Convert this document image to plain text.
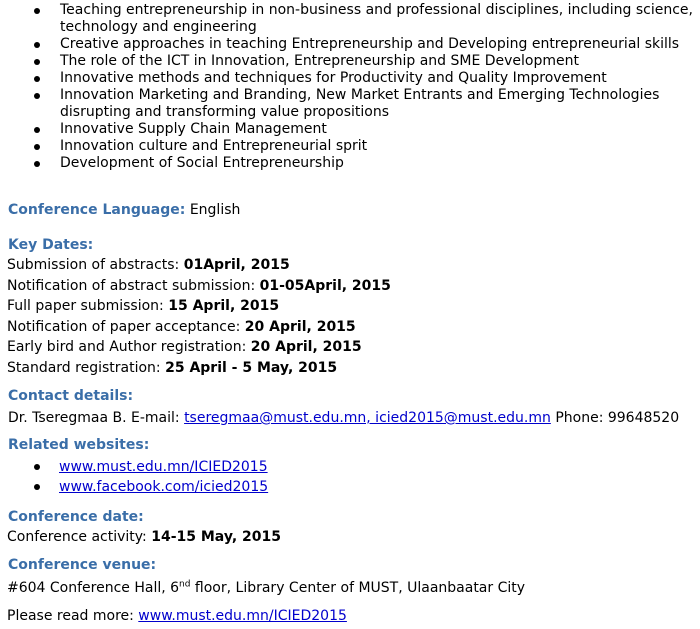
Teaching entrepreneurship in non-business and professional disciplines, including science, technology and engineering
Creative approaches in teaching Entrepreneurship and Developing entrepreneurial skills
The role of the ICT in Innovation, Entrepreneurship and SME Development
Innovative methods and techniques for Productivity and Quality Improvement
Innovation Marketing and Branding, New Market Entrants and Emerging Technologies disrupting and transforming value propositions
Innovative Supply Chain Management
Innovation culture and Entrepreneurial sprit
Development of Social Entrepreneurship
Conference Language: English
Key Dates:
Submission of abstracts: 01April, 2015
Notification of abstract submission: 01-05April, 2015
Full paper submission: 15 April, 2015
Notification of paper acceptance: 20 April, 2015
Early bird and Author registration: 20 April, 2015
Standard registration: 25 April - 5 May, 2015
Contact details:
Dr. Tseregmaa B. E-mail: tseregmaa@must.edu.mn, icied2015@must.edu.mn Phone: 99648520
Related websites:
www.must.edu.mn/ICIED2015
www.facebook.com/icied2015
Conference date:
Conference activity: 14-15 May, 2015
Conference venue:
#604 Conference Hall, 6nd floor, Library Center of MUST, Ulaanbaatar City
Please read more: www.must.edu.mn/ICIED2015
